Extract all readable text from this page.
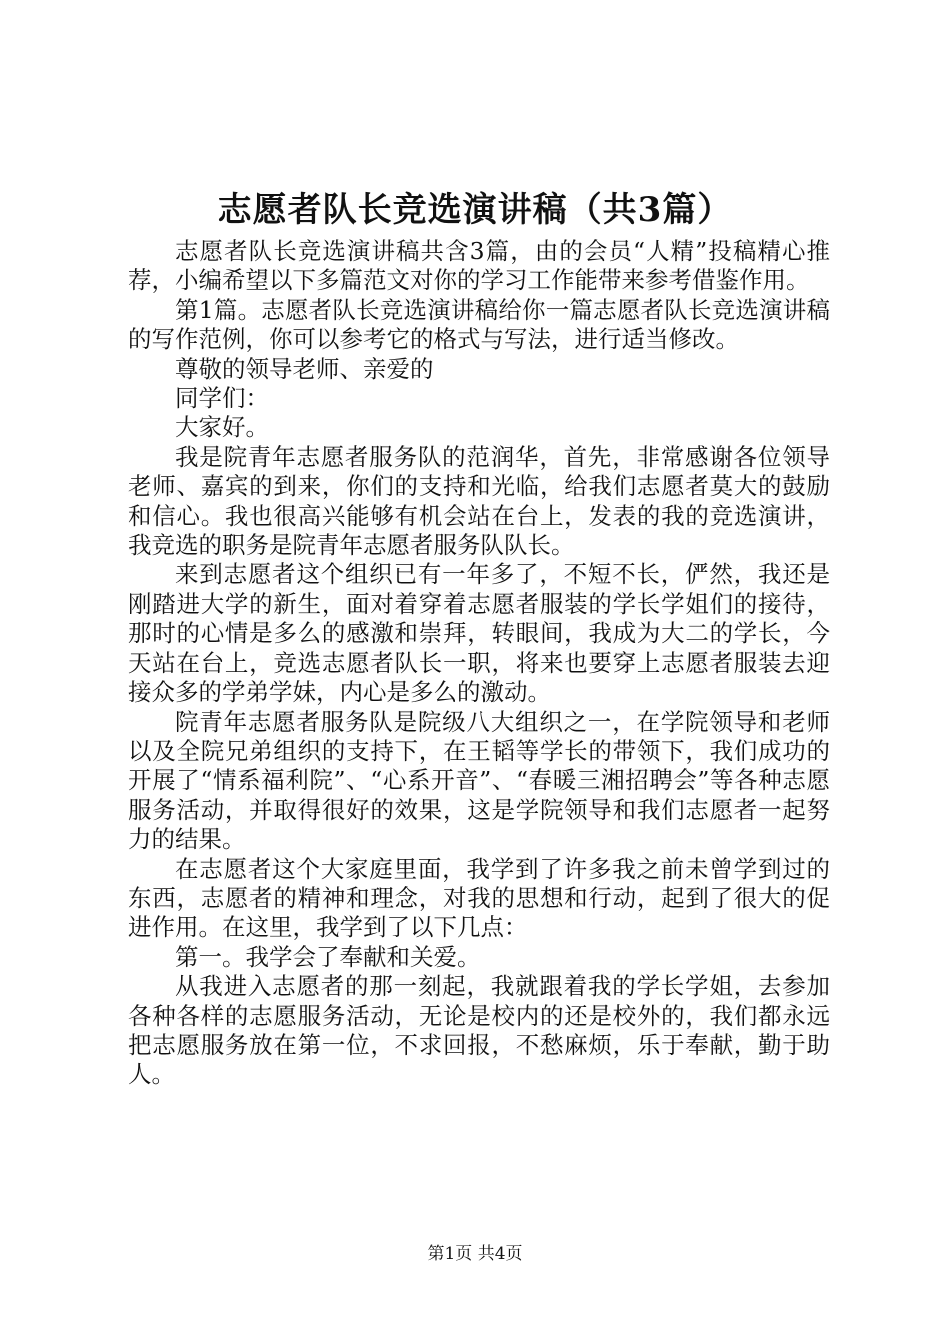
志愿者队长竞选演讲稿（共3篇）

志愿者队长竞选演讲稿共含3篇，由的会员“人精”投稿精心推荐，小编希望以下多篇范文对你的学习工作能带来参考借鉴作用。

第1篇。志愿者队长竞选演讲稿给你一篇志愿者队长竞选演讲稿的写作范例，你可以参考它的格式与写法，进行适当修改。

尊敬的领导老师、亲爱的

同学们：

大家好。

我是院青年志愿者服务队的范润华，首先，非常感谢各位领导老师、嘉宾的到来，你们的支持和光临，给我们志愿者莫大的鼓励和信心。我也很高兴能够有机会站在台上，发表的我的竞选演讲，我竞选的职务是院青年志愿者服务队队长。

来到志愿者这个组织已有一年多了，不短不长，俨然，我还是刚踏进大学的新生，面对着穿着志愿者服装的学长学姐们的接待，那时的心情是多么的感激和崇拜，转眼间，我成为大二的学长，今天站在台上，竞选志愿者队长一职，将来也要穿上志愿者服装去迎接众多的学弟学妹，内心是多么的激动。

院青年志愿者服务队是院级八大组织之一，在学院领导和老师以及全院兄弟组织的支持下，在王韬等学长的带领下，我们成功的开展了“情系福利院”、“心系开音”、“春暖三湘招聘会”等各种志愿服务活动，并取得很好的效果，这是学院领导和我们志愿者一起努力的结果。

在志愿者这个大家庭里面，我学到了许多我之前未曾学到过的东西，志愿者的精神和理念，对我的思想和行动，起到了很大的促进作用。在这里，我学到了以下几点：

第一。我学会了奉献和关爱。

从我进入志愿者的那一刻起，我就跟着我的学长学姐，去参加各种各样的志愿服务活动，无论是校内的还是校外的，我们都永远把志愿服务放在第一位，不求回报，不愁麻烦，乐于奉献，勤于助人。

第1页 共4页
